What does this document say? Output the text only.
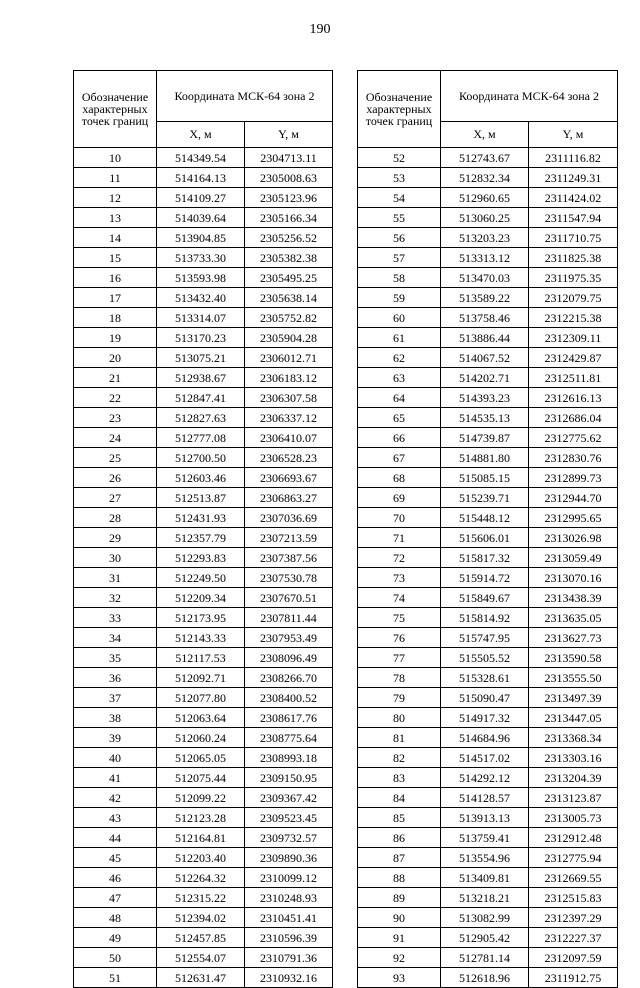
190
Обозначение характерных точек границ	Координата МСК-64 зона 2	
	X, м	Y, м
10	514349.54	2304713.11
11	514164.13	2305008.63
12	514109.27	2305123.96
13	514039.64	2305166.34
14	513904.85	2305256.52
15	513733.30	2305382.38
16	513593.98	2305495.25
17	513432.40	2305638.14
18	513314.07	2305752.82
19	513170.23	2305904.28
20	513075.21	2306012.71
21	512938.67	2306183.12
22	512847.41	2306307.58
23	512827.63	2306337.12
24	512777.08	2306410.07
25	512700.50	2306528.23
26	512603.46	2306693.67
27	512513.87	2306863.27
28	512431.93	2307036.69
29	512357.79	2307213.59
30	512293.83	2307387.56
31	512249.50	2307530.78
32	512209.34	2307670.51
33	512173.95	2307811.44
34	512143.33	2307953.49
35	512117.53	2308096.49
36	512092.71	2308266.70
37	512077.80	2308400.52
38	512063.64	2308617.76
39	512060.24	2308775.64
40	512065.05	2308993.18
41	512075.44	2309150.95
42	512099.22	2309367.42
43	512123.28	2309523.45
44	512164.81	2309732.57
45	512203.40	2309890.36
46	512264.32	2310099.12
47	512315.22	2310248.93
48	512394.02	2310451.41
49	512457.85	2310596.39
50	512554.07	2310791.36
51	512631.47	2310932.16
Обозначение характерных точек границ	Координата МСК-64 зона 2	
	X, м	Y, м
52	512743.67	2311116.82
53	512832.34	2311249.31
54	512960.65	2311424.02
55	513060.25	2311547.94
56	513203.23	2311710.75
57	513313.12	2311825.38
58	513470.03	2311975.35
59	513589.22	2312079.75
60	513758.46	2312215.38
61	513886.44	2312309.11
62	514067.52	2312429.87
63	514202.71	2312511.81
64	514393.23	2312616.13
65	514535.13	2312686.04
66	514739.87	2312775.62
67	514881.80	2312830.76
68	515085.15	2312899.73
69	515239.71	2312944.70
70	515448.12	2312995.65
71	515606.01	2313026.98
72	515817.32	2313059.49
73	515914.72	2313070.16
74	515849.67	2313438.39
75	515814.92	2313635.05
76	515747.95	2313627.73
77	515505.52	2313590.58
78	515328.61	2313555.50
79	515090.47	2313497.39
80	514917.32	2313447.05
81	514684.96	2313368.34
82	514517.02	2313303.16
83	514292.12	2313204.39
84	514128.57	2313123.87
85	513913.13	2313005.73
86	513759.41	2312912.48
87	513554.96	2312775.94
88	513409.81	2312669.55
89	513218.21	2312515.83
90	513082.99	2312397.29
91	512905.42	2312227.37
92	512781.14	2312097.59
93	512618.96	2311912.75
